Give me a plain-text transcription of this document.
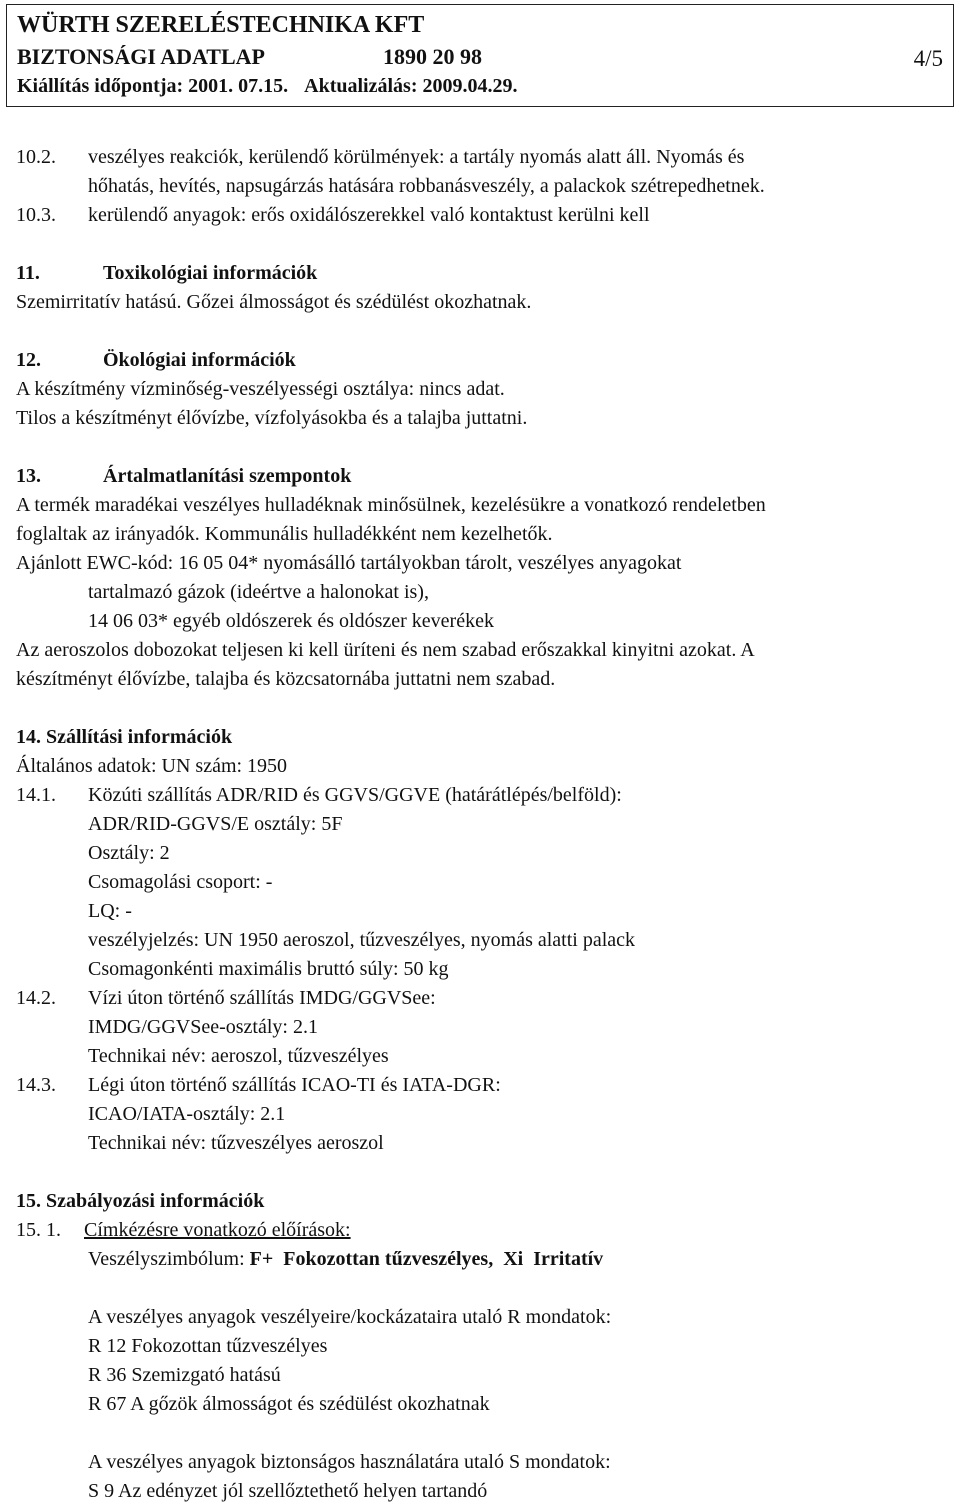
WÜRTH SZERELÉSTECHNIKA KFT
BIZTONSÁGI ADATLAP	1890 20 98	4/5
Kiállítás időpontja: 2001. 07.15. Aktualizálás: 2009.04.29.
10.2. veszélyes reakciók, kerülendő körülmények: a tartály nyomás alatt áll. Nyomás és
hőhatás, hevítés, napsugárzás hatására robbanásveszély, a palackok szétrepedhetnek.
10.3. kerülendő anyagok: erős oxidálószerekkel való kontaktust kerülni kell
11.	Toxikológiai információk
Szemirritatív hatású. Gőzei álmosságot és szédülést okozhatnak.
12.	Ökológiai információk
A készítmény vízminőség-veszélyességi osztálya: nincs adat.
Tilos a készítményt élővízbe, vízfolyásokba és a talajba juttatni.
13.	Ártalmatlanítási szempontok
A termék maradékai veszélyes hulladéknak minősülnek, kezelésükre a vonatkozó rendeletben
foglaltak az irányadók. Kommunális hulladékként nem kezelhetők.
Ajánlott EWC-kód: 16 05 04* nyomásálló tartályokban tárolt, veszélyes anyagokat
tartalmazó gázok (ideértve a halonokat is),
14 06 03* egyéb oldószerek és oldószer keverékek
Az aeroszolos dobozokat teljesen ki kell üríteni és nem szabad erőszakkal kinyitni azokat. A
készítményt élővízbe, talajba és közcsatornába juttatni nem szabad.
14. Szállítási információk
Általános adatok: UN szám: 1950
14.1. Közúti szállítás ADR/RID és GGVS/GGVE (határátlépés/belföld):
ADR/RID-GGVS/E osztály: 5F
Osztály: 2
Csomagolási csoport: -
LQ: -
veszélyjelzés: UN 1950 aeroszol, tűzveszélyes, nyomás alatti palack
Csomagonkénti maximális bruttó súly: 50 kg
14.2. Vízi úton történő szállítás IMDG/GGVSee:
IMDG/GGVSee-osztály: 2.1
Technikai név: aeroszol, tűzveszélyes
14.3. Légi úton történő szállítás ICAO-TI és IATA-DGR:
ICAO/IATA-osztály: 2.1
Technikai név: tűzveszélyes aeroszol
15. Szabályozási információk
15. 1. Címkézésre vonatkozó előírások:
Veszélyszimbólum: F+  Fokozottan tűzveszélyes,  Xi  Irritatív
A veszélyes anyagok veszélyeire/kockázataira utaló R mondatok:
R 12 Fokozottan tűzveszélyes
R 36 Szemizgató hatású
R 67 A gőzök álmosságot és szédülést okozhatnak
A veszélyes anyagok biztonságos használatára utaló S mondatok:
S 9 Az edényzet jól szellőztethető helyen tartandó
